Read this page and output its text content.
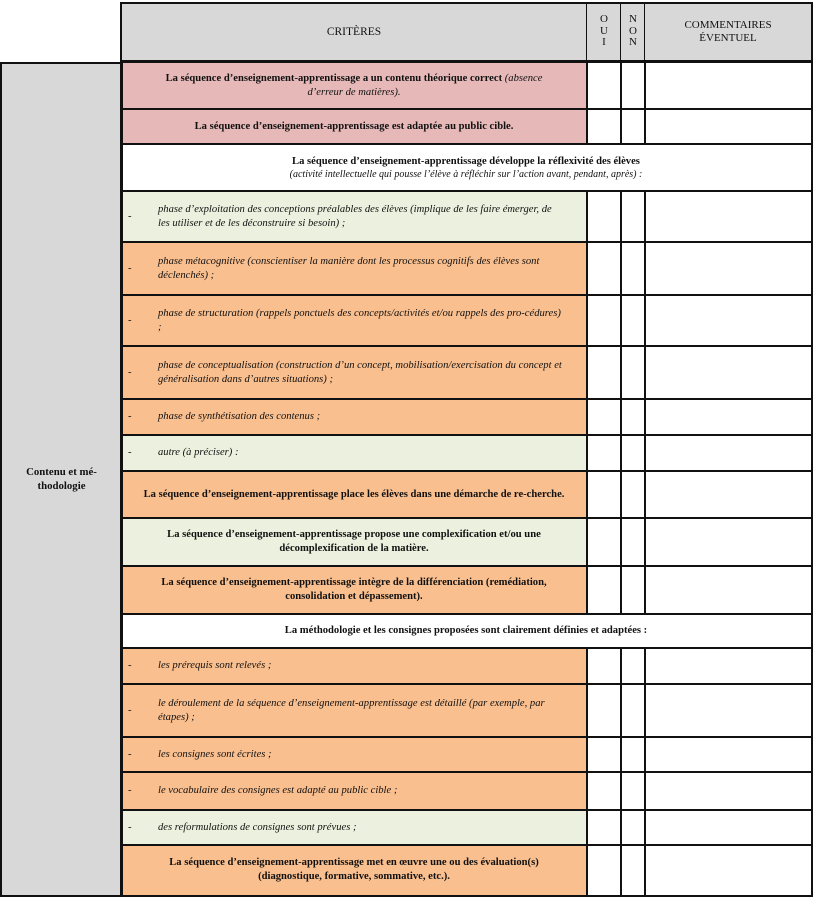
CRITÈRES
O
U
I
N
O
N
COMMENTAIRES
ÉVENTUEL
Contenu et mé-
thodologie
La séquence d’enseignement-apprentissage a un contenu théorique correct (absence
d’erreur de matières).
La séquence d’enseignement-apprentissage est adaptée au public cible.
La séquence d’enseignement-apprentissage développe la réflexivité des élèves
(activité intellectuelle qui pousse l’élève à réfléchir sur l’action avant, pendant, après) :
-
phase d’exploitation des conceptions préalables des élèves (implique de les faire émerger, de les utiliser et de les déconstruire si besoin) ;
-
phase métacognitive (conscientiser la manière dont les processus cognitifs des élèves sont déclenchés) ;
-
phase de structuration (rappels ponctuels des concepts/activités et/ou rappels des pro-cédures) ;
-
phase de conceptualisation (construction d’un concept, mobilisation/exercisation du concept et généralisation dans d’autres situations) ;
- phase de synthétisation des contenus ;
- autre (à préciser) :
La séquence d’enseignement-apprentissage place les élèves dans une démarche de re-cherche.
La séquence d’enseignement-apprentissage propose une complexification et/ou une décomplexification de la matière.
La séquence d’enseignement-apprentissage intègre de la différenciation (remédiation, consolidation et dépassement).
La méthodologie et les consignes proposées sont clairement définies et adaptées :
- les prérequis sont relevés ;
-
le déroulement de la séquence d’enseignement-apprentissage est détaillé (par exemple, par étapes) ;
- les consignes sont écrites ;
- le vocabulaire des consignes est adapté au public cible ;
- des reformulations de consignes sont prévues ;
La séquence d’enseignement-apprentissage met en œuvre une ou des évaluation(s) (diagnostique, formative, sommative, etc.).
